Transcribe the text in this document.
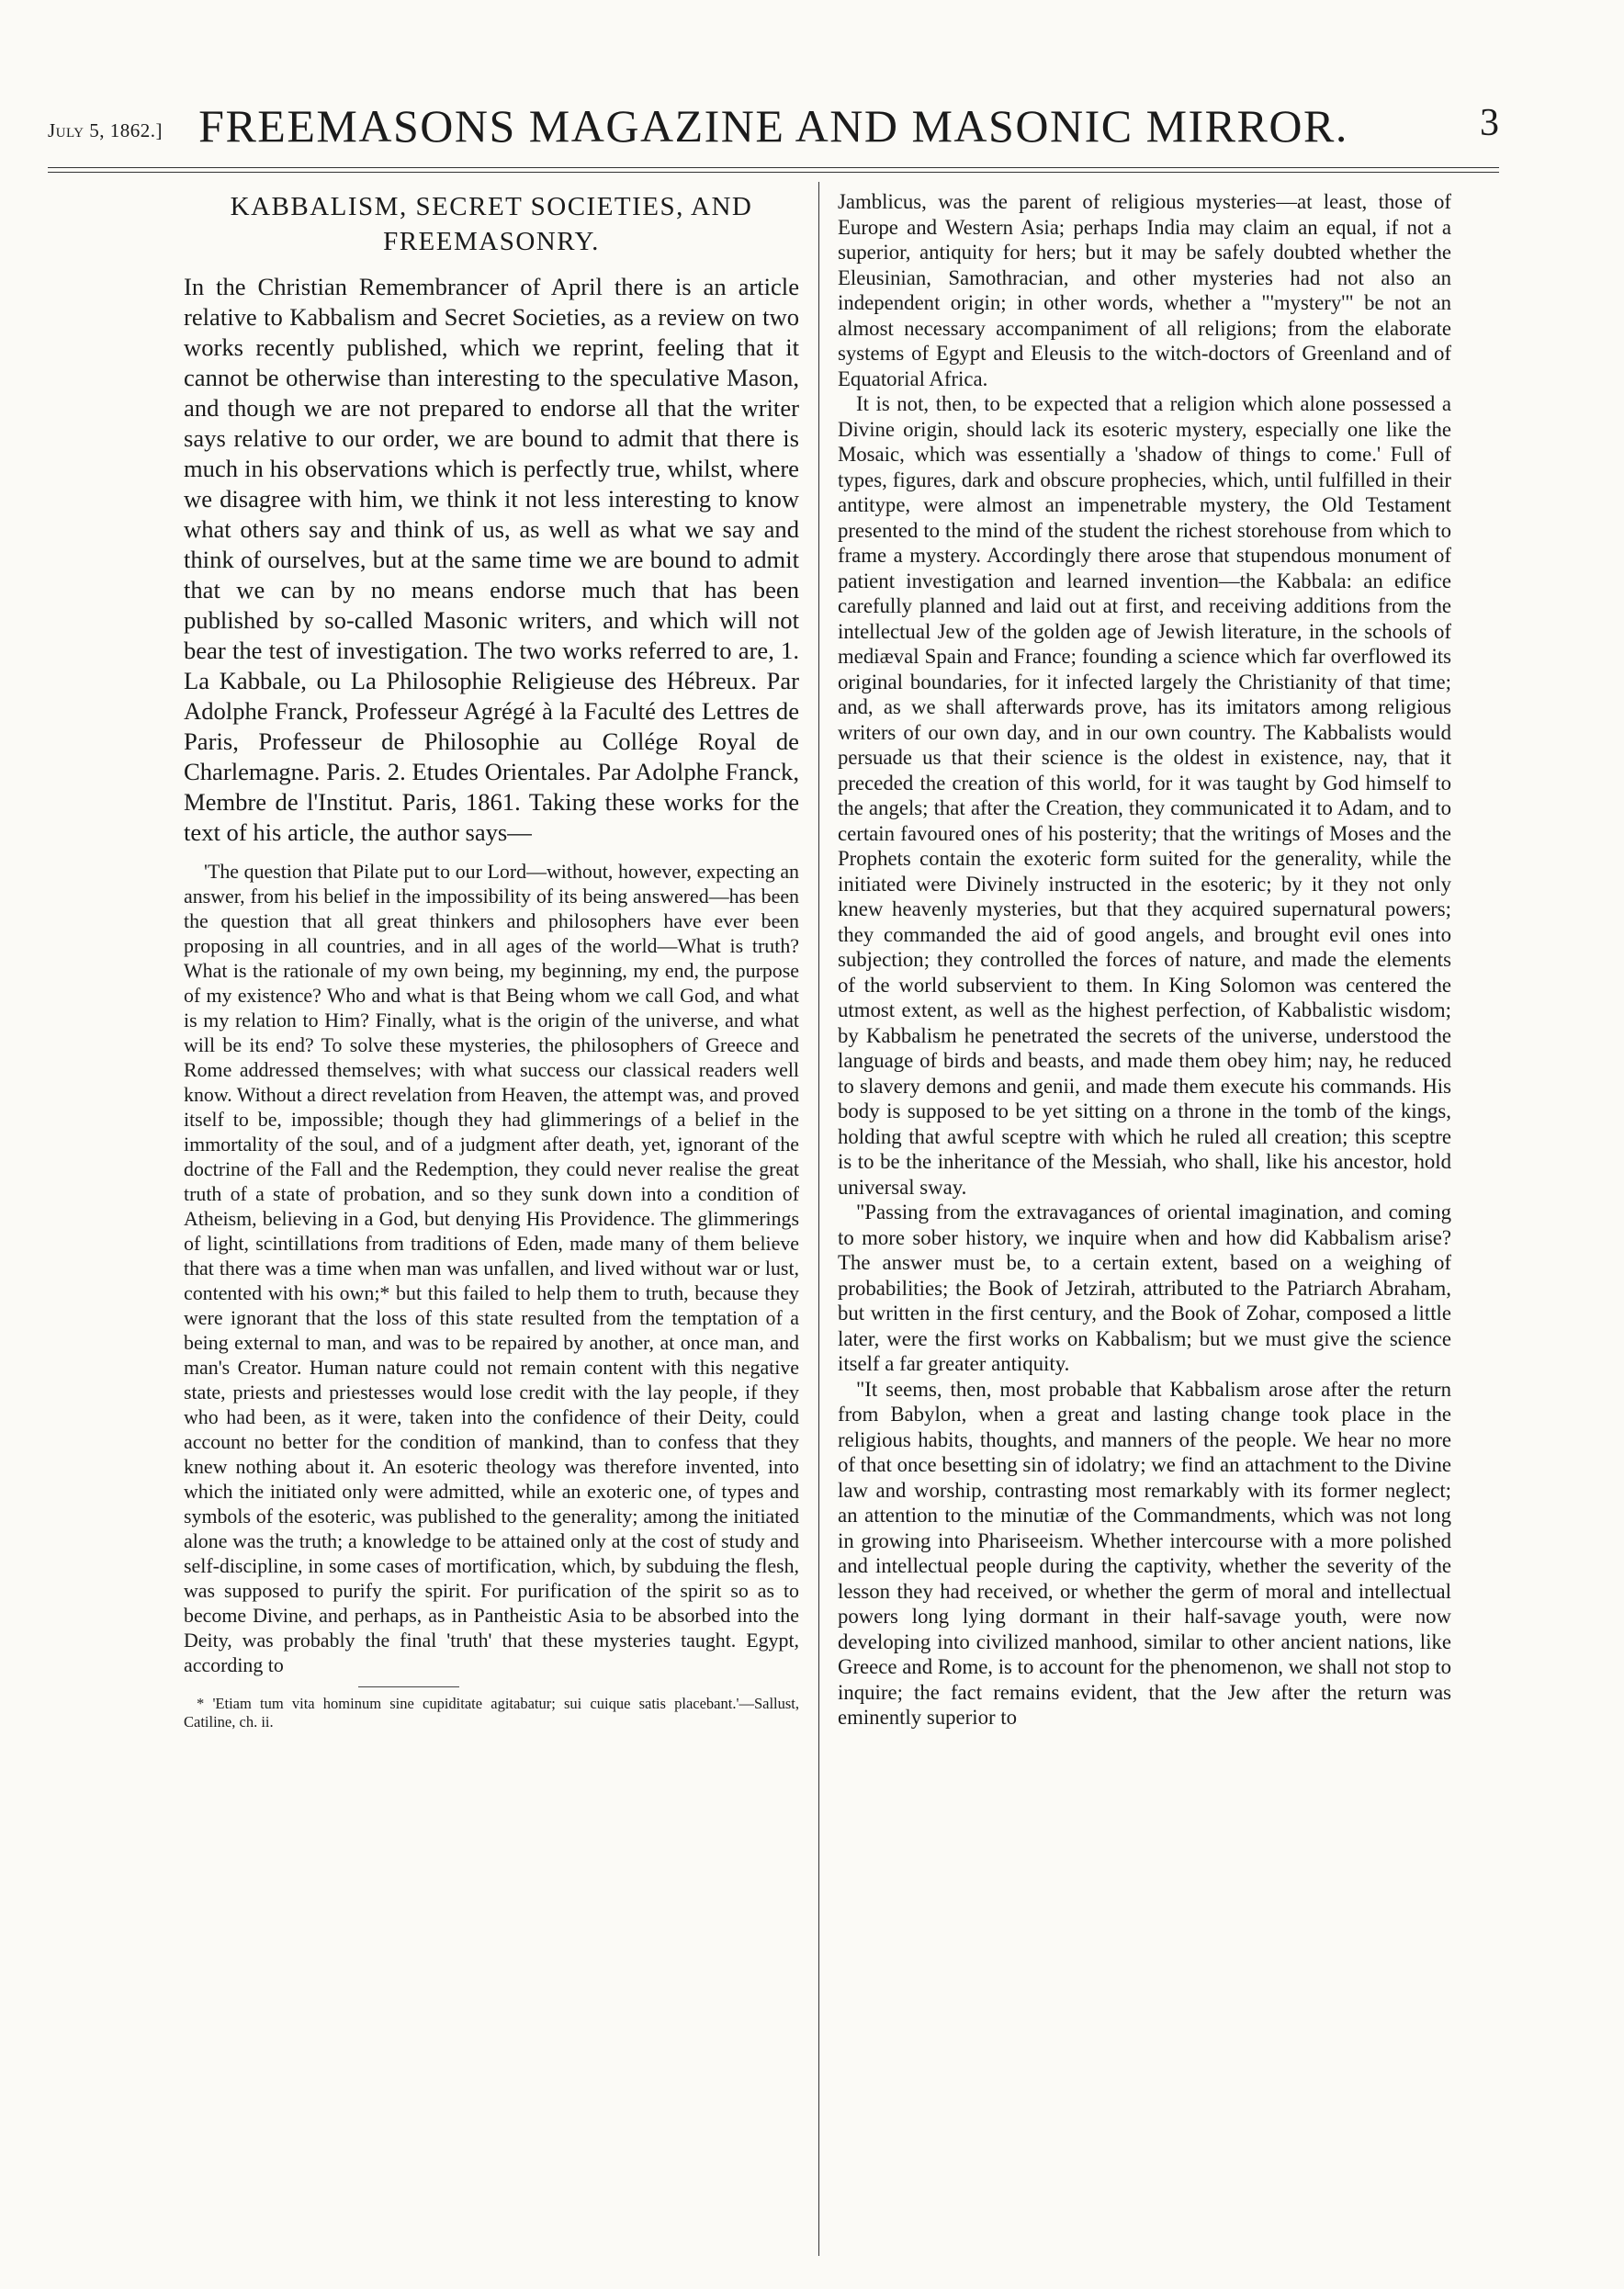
July 5, 1862.] FREEMASONS MAGAZINE AND MASONIC MIRROR.	3
KABBALISM, SECRET SOCIETIES, AND FREEMASONRY.

In the Christian Remembrancer of April there is an article relative to Kabbalism and Secret Societies, as a review on two works recently published, which we reprint, feeling that it cannot be otherwise than interesting to the speculative Mason, and though we are not prepared to endorse all that the writer says relative to our order, we are bound to admit that there is much in his observations which is perfectly true, whilst, where we disagree with him, we think it not less interesting to know what others say and think of us, as well as what we say and think of ourselves, but at the same time we are bound to admit that we can by no means endorse much that has been published by so-called Masonic writers, and which will not bear the test of investigation. The two works referred to are, 1. La Kabbale, ou La Philosophie Religieuse des Hébreux. Par Adolphe Franck, Professeur Agrégé à la Faculté des Lettres de Paris, Professeur de Philosophie au Collége Royal de Charlemagne. Paris. 2. Etudes Orientales. Par Adolphe Franck, Membre de l'Institut. Paris, 1861. Taking these works for the text of his article, the author says—

'The question that Pilate put to our Lord—without, however, expecting an answer, from his belief in the impossibility of its being answered—has been the question that all great thinkers and philosophers have ever been proposing in all countries, and in all ages of the world—What is truth? What is the rationale of my own being, my beginning, my end, the purpose of my existence? Who and what is that Being whom we call God, and what is my relation to Him? Finally, what is the origin of the universe, and what will be its end? To solve these mysteries, the philosophers of Greece and Rome addressed themselves; with what success our classical readers well know. Without a direct revelation from Heaven, the attempt was, and proved itself to be, impossible; though they had glimmerings of a belief in the immortality of the soul, and of a judgment after death, yet, ignorant of the doctrine of the Fall and the Redemption, they could never realise the great truth of a state of probation, and so they sunk down into a condition of Atheism, believing in a God, but denying His Providence. The glimmerings of light, scintillations from traditions of Eden, made many of them believe that there was a time when man was unfallen, and lived without war or lust, contented with his own;* but this failed to help them to truth, because they were ignorant that the loss of this state resulted from the temptation of a being external to man, and was to be repaired by another, at once man, and man's Creator. Human nature could not remain content with this negative state, priests and priestesses would lose credit with the lay people, if they who had been, as it were, taken into the confidence of their Deity, could account no better for the condition of mankind, than to confess that they knew nothing about it. An esoteric theology was therefore invented, into which the initiated only were admitted, while an exoteric one, of types and symbols of the esoteric, was published to the generality; among the initiated alone was the truth; a knowledge to be attained only at the cost of study and self-discipline, in some cases of mortification, which, by subduing the flesh, was supposed to purify the spirit. For purification of the spirit so as to become Divine, and perhaps, as in Pantheistic Asia to be absorbed into the Deity, was probably the final 'truth' that these mysteries taught. Egypt, according to

* 'Etiam tum vita hominum sine cupiditate agitabatur; sui cuique satis placebant.'—Sallust, Catiline, ch. ii.

Jamblicus, was the parent of religious mysteries—at least, those of Europe and Western Asia; perhaps India may claim an equal, if not a superior, antiquity for hers; but it may be safely doubted whether the Eleusinian, Samothracian, and other mysteries had not also an independent origin; in other words, whether a "'mystery'" be not an almost necessary accompaniment of all religions; from the elaborate systems of Egypt and Eleusis to the witch-doctors of Greenland and of Equatorial Africa.

It is not, then, to be expected that a religion which alone possessed a Divine origin, should lack its esoteric mystery, especially one like the Mosaic, which was essentially a 'shadow of things to come.' Full of types, figures, dark and obscure prophecies, which, until fulfilled in their antitype, were almost an impenetrable mystery, the Old Testament presented to the mind of the student the richest storehouse from which to frame a mystery. Accordingly there arose that stupendous monument of patient investigation and learned invention—the Kabbala: an edifice carefully planned and laid out at first, and receiving additions from the intellectual Jew of the golden age of Jewish literature, in the schools of mediæval Spain and France; founding a science which far overflowed its original boundaries, for it infected largely the Christianity of that time; and, as we shall afterwards prove, has its imitators among religious writers of our own day, and in our own country. The Kabbalists would persuade us that their science is the oldest in existence, nay, that it preceded the creation of this world, for it was taught by God himself to the angels; that after the Creation, they communicated it to Adam, and to certain favoured ones of his posterity; that the writings of Moses and the Prophets contain the exoteric form suited for the generality, while the initiated were Divinely instructed in the esoteric; by it they not only knew heavenly mysteries, but that they acquired supernatural powers; they commanded the aid of good angels, and brought evil ones into subjection; they controlled the forces of nature, and made the elements of the world subservient to them. In King Solomon was centered the utmost extent, as well as the highest perfection, of Kabbalistic wisdom; by Kabbalism he penetrated the secrets of the universe, understood the language of birds and beasts, and made them obey him; nay, he reduced to slavery demons and genii, and made them execute his commands. His body is supposed to be yet sitting on a throne in the tomb of the kings, holding that awful sceptre with which he ruled all creation; this sceptre is to be the inheritance of the Messiah, who shall, like his ancestor, hold universal sway.

"Passing from the extravagances of oriental imagination, and coming to more sober history, we inquire when and how did Kabbalism arise? The answer must be, to a certain extent, based on a weighing of probabilities; the Book of Jetzirah, attributed to the Patriarch Abraham, but written in the first century, and the Book of Zohar, composed a little later, were the first works on Kabbalism; but we must give the science itself a far greater antiquity.

"It seems, then, most probable that Kabbalism arose after the return from Babylon, when a great and lasting change took place in the religious habits, thoughts, and manners of the people. We hear no more of that once besetting sin of idolatry; we find an attachment to the Divine law and worship, contrasting most remarkably with its former neglect; an attention to the minutiæ of the Commandments, which was not long in growing into Phariseeism. Whether intercourse with a more polished and intellectual people during the captivity, whether the severity of the lesson they had received, or whether the germ of moral and intellectual powers long lying dormant in their half-savage youth, were now developing into civilized manhood, similar to other ancient nations, like Greece and Rome, is to account for the phenomenon, we shall not stop to inquire; the fact remains evident, that the Jew after the return was eminently superior to
